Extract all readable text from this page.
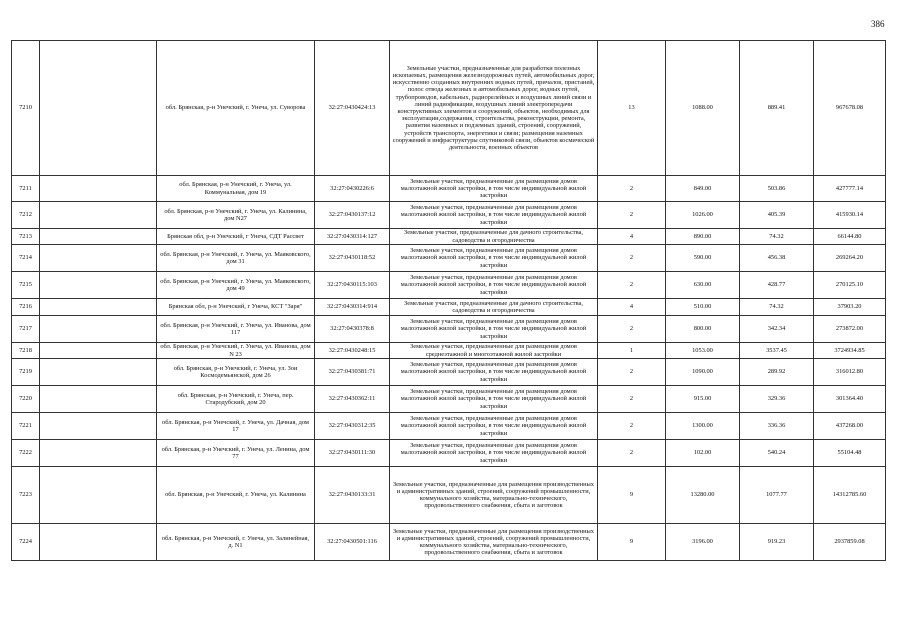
386
7210		обл. Брянская, р-н Унечский, г. Унеча, ул. Суворова	32:27:0430424:13	Земельные участки, предназначенные для разработки полезных ископаемых, размещения железнодорожных путей, автомобильных дорог, искусственно созданных внутренних водных путей, причалов, пристаней, полос отвода железных и автомобильных дорог, водных путей, трубопроводов, кабельных, радиорелейных и воздушных линий связи и линий радиофикации, воздушных линий электропередачи конструктивных элементов и сооружений, объектов, необходимых для эксплуатации,содержания, строительства, реконструкции, ремонта, развития наземных и подземных зданий, строений, сооружений, устройств транспорта, энергетики и связи; размещения наземных сооружений и инфраструктуры спутниковой связи, объектов космической деятельности, военных объектов	13	1088.00	889.41	967678.08
7211		обл. Брянская, р-н Унечский, г. Унеча, ул. Коммунальная, дом 19	32:27:0430226:6	Земельные участки, предназначенные для размещения домов малоэтажной жилой застройки, в том числе индивидуальной жилой застройки	2	849.00	503.86	427777.14
7212		обл. Брянская, р-н Унечский, г. Унеча, ул. Калинина, дом N27	32:27:0430137:12	Земельные участки, предназначенные для размещения домов малоэтажной жилой застройки, в том числе индивидуальной жилой застройки	2	1026.00	405.39	415930.14
7213		Брянская обл, р-н Унечский, г Унеча, СДТ Рассвет	32:27:0430314:127	Земельные участки, предназначенные для дачного строительства, садоводства и огородничества	4	890.00	74.32	66144.80
7214		обл. Брянская, р-н Унечский, г. Унеча, ул. Маяковского, дом 31	32:27:0430118:52	Земельные участки, предназначенные для размещения домов малоэтажной жилой застройки, в том числе индивидуальной жилой застройки	2	590.00	456.38	269264.20
7215		обл. Брянская, р-н Унечский, г. Унеча, ул. Маяковского, дом 49	32:27:0430115:103	Земельные участки, предназначенные для размещения домов малоэтажной жилой застройки, в том числе индивидуальной жилой застройки	2	630.00	428.77	270125.10
7216		Брянская обл, р-н Унечский, г Унеча, КСТ "Заря"	32:27:0430314:914	Земельные участки, предназначенные для дачного строительства, садоводства и огородничества	4	510.00	74.32	37903.20
7217		обл. Брянская, р-н Унечский, г. Унеча, ул. Иванова, дом 117	32:27:0430378:8	Земельные участки, предназначенные для размещения домов малоэтажной жилой застройки, в том числе индивидуальной жилой застройки	2	800.00	342.34	273872.00
7218		обл. Брянская, р-н Унечский, г. Унеча, ул. Иванова, дом N 23	32:27:0430248:15	Земельные участки, предназначенные для размещения домов среднеэтажной и многоэтажной жилой застройки	1	1053.00	3537.45	3724934.85
7219		обл. Брянская, р-н Унечский, г. Унеча, ул. Зои Космодемьянской, дом 26	32:27:0430381:71	Земельные участки, предназначенные для размещения домов малоэтажной жилой застройки, в том числе индивидуальной жилой застройки	2	1090.00	289.92	316012.80
7220		обл. Брянская, р-н Унечский, г. Унеча, пер. Стародубский, дом 20	32:27:0430362:11	Земельные участки, предназначенные для размещения домов малоэтажной жилой застройки, в том числе индивидуальной жилой застройки	2	915.00	329.36	301364.40
7221		обл. Брянская, р-н Унечский, г. Унеча, ул. Дачная, дом 17	32:27:0430312:35	Земельные участки, предназначенные для размещения домов малоэтажной жилой застройки, в том числе индивидуальной жилой застройки	2	1300.00	336.36	437268.00
7222		обл. Брянская, р-н Унечский, г. Унеча, ул. Ленина, дом 77	32:27:0430111:30	Земельные участки, предназначенные для размещения домов малоэтажной жилой застройки, в том числе индивидуальной жилой застройки	2	102.00	540.24	55104.48
7223		обл. Брянская, р-н Унечский, г. Унеча, ул. Калинина	32:27:0430133:31	Земельные участки, предназначенные для размещения производственных и административных зданий, строений, сооружений промышленности, коммунального хозяйства, материально-технического, продовольственного снабжения, сбыта и заготовок	9	13280.00	1077.77	14312785.60
7224		обл. Брянская, р-н Унечский, г. Унеча, ул. Залинейная, д. N1	32:27:0430501:116	Земельные участки, предназначенные для размещения производственных и административных зданий, строений, сооружений промышленности, коммунального хозяйства, материально-технического, продовольственного снабжения, сбыта и заготовок	9	3196.00	919.23	2937859.08
